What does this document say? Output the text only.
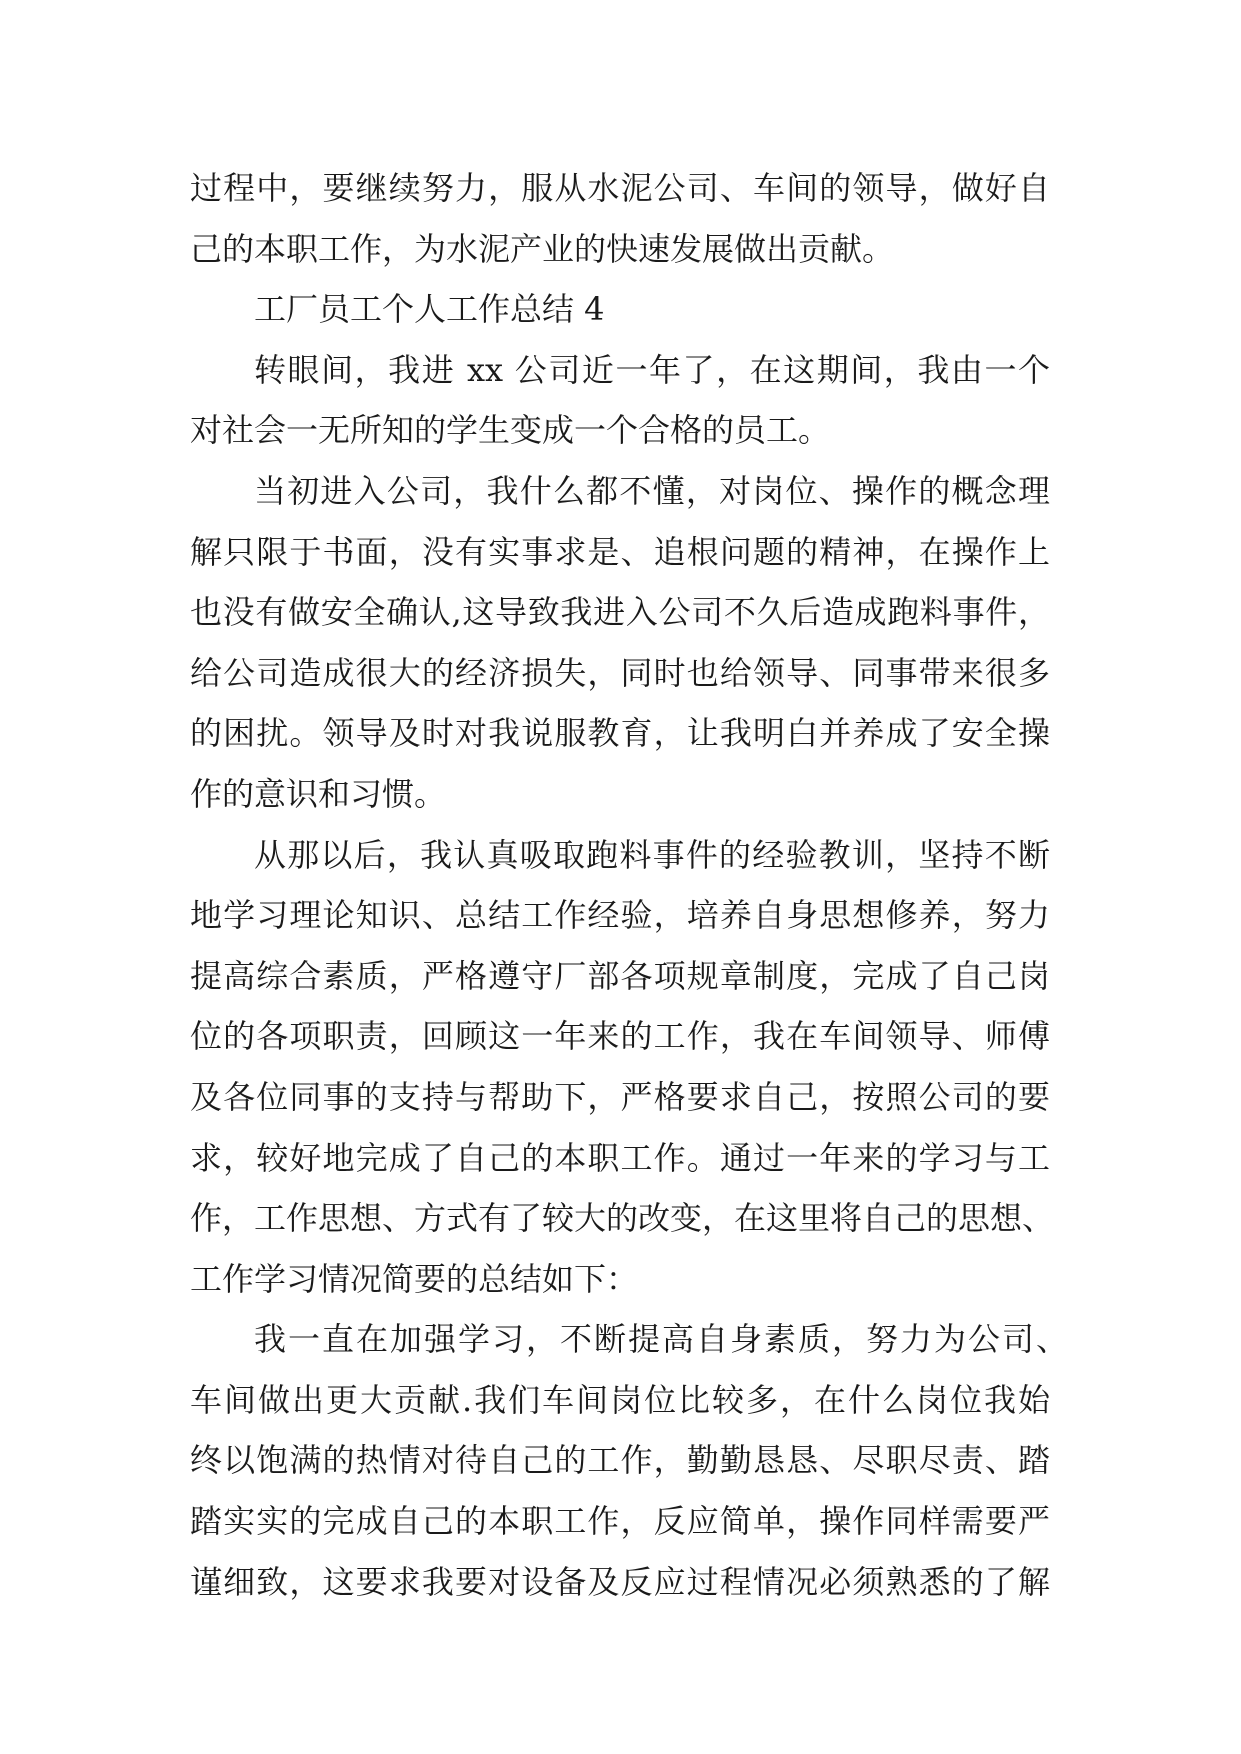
过程中，要继续努力，服从水泥公司、车间的领导，做好自
己的本职工作，为水泥产业的快速发展做出贡献。
工厂员工个人工作总结 4
转眼间，我进 xx 公司近一年了，在这期间，我由一个
对社会一无所知的学生变成一个合格的员工。
当初进入公司，我什么都不懂，对岗位、操作的概念理
解只限于书面，没有实事求是、追根问题的精神，在操作上
也没有做安全确认,这导致我进入公司不久后造成跑料事件，
给公司造成很大的经济损失，同时也给领导、同事带来很多
的困扰。领导及时对我说服教育，让我明白并养成了安全操
作的意识和习惯。
从那以后，我认真吸取跑料事件的经验教训，坚持不断
地学习理论知识、总结工作经验，培养自身思想修养，努力
提高综合素质，严格遵守厂部各项规章制度，完成了自己岗
位的各项职责，回顾这一年来的工作，我在车间领导、师傅
及各位同事的支持与帮助下，严格要求自己，按照公司的要
求，较好地完成了自己的本职工作。通过一年来的学习与工
作，工作思想、方式有了较大的改变，在这里将自己的思想、
工作学习情况简要的总结如下：
我一直在加强学习，不断提高自身素质，努力为公司、
车间做出更大贡献.我们车间岗位比较多，在什么岗位我始
终以饱满的热情对待自己的工作，勤勤恳恳、尽职尽责、踏
踏实实的完成自己的本职工作，反应简单，操作同样需要严
谨细致，这要求我要对设备及反应过程情况必须熟悉的了解
